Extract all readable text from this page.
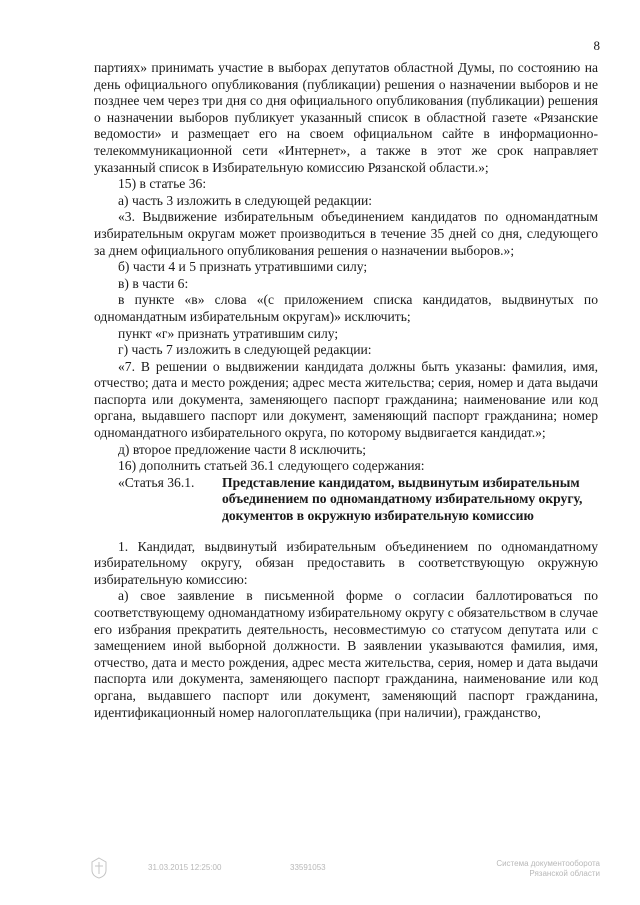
8

партиях» принимать участие в выборах депутатов областной Думы, по состоянию на день официального опубликования (публикации) решения о назначении выборов и не позднее чем через три дня со дня официального опубликования (публикации) решения о назначении выборов публикует указанный список в областной газете «Рязанские ведомости» и размещает его на своем официальном сайте в информационно-телекоммуникационной сети «Интернет», а также в этот же срок направляет указанный список в Избирательную комиссию Рязанской области.»;

15) в статье 36:

а) часть 3 изложить в следующей редакции:

«3. Выдвижение избирательным объединением кандидатов по одномандатным избирательным округам может производиться в течение 35 дней со дня, следующего за днем официального опубликования решения о назначении выборов.»;

б) части 4 и 5 признать утратившими силу;

в) в части 6:

в пункте «в» слова «(с приложением списка кандидатов, выдвинутых по одномандатным избирательным округам)» исключить;

пункт «г» признать утратившим силу;

г) часть 7 изложить в следующей редакции:

«7. В решении о выдвижении кандидата должны быть указаны: фамилия, имя, отчество; дата и место рождения; адрес места жительства; серия, номер и дата выдачи паспорта или документа, заменяющего паспорт гражданина; наименование или код органа, выдавшего паспорт или документ, заменяющий паспорт гражданина; номер одномандатного избирательного округа, по которому выдвигается кандидат.»;

д) второе предложение части 8 исключить;

16) дополнить статьей 36.1 следующего содержания:

«Статья 36.1.	Представление кандидатом, выдвинутым избирательным объединением по одномандатному избирательному округу, документов в окружную избирательную комиссию

1. Кандидат, выдвинутый избирательным объединением по одномандатному избирательному округу, обязан предоставить в соответствующую окружную избирательную комиссию:

а) свое заявление в письменной форме о согласии баллотироваться по соответствующему одномандатному избирательному округу с обязательством в случае его избрания прекратить деятельность, несовместимую со статусом депутата или с замещением иной выборной должности. В заявлении указываются фамилия, имя, отчество, дата и место рождения, адрес места жительства, серия, номер и дата выдачи паспорта или документа, заменяющего паспорт гражданина, наименование или код органа, выдавшего паспорт или документ, заменяющий паспорт гражданина, идентификационный номер налогоплательщика (при наличии), гражданство,

31.03.2015 12:25:00	33591053	Система документооборота
Рязанской области
